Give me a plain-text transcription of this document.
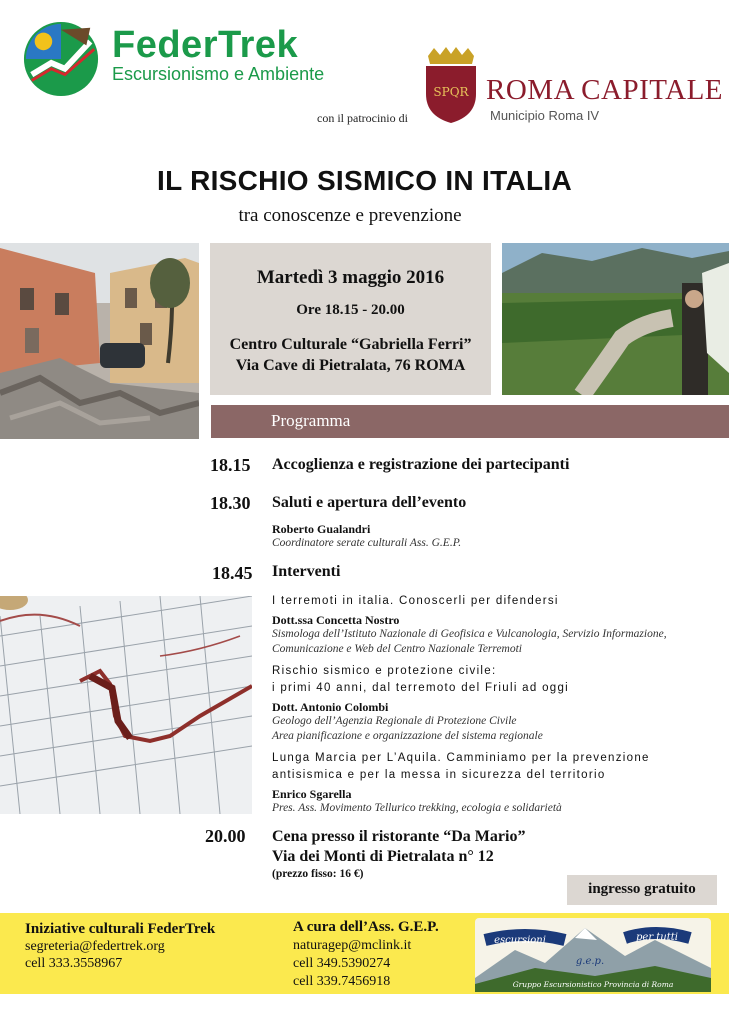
FederTrek
Escursionismo e Ambiente
con il patrocinio di
SPQR ROMA CAPITALE
Municipio Roma IV
IL RISCHIO SISMICO IN ITALIA
tra conoscenze e prevenzione
Martedì 3 maggio 2016
Ore 18.15 - 20.00
Centro Culturale “Gabriella Ferri”
Via Cave di Pietralata, 76 ROMA
Programma
18.15 Accoglienza e registrazione dei partecipanti
18.30 Saluti e apertura dell’evento
Roberto Gualandri
Coordinatore serate culturali Ass. G.E.P.
18.45 Interventi
I terremoti in italia. Conoscerli per difendersi
Dott.ssa Concetta Nostro
Sismologa dell’Istituto Nazionale di Geofisica e Vulcanologia, Servizio Informazione,
Comunicazione e Web del Centro Nazionale Terremoti
Rischio sismico e protezione civile:
i primi 40 anni, dal terremoto del Friuli ad oggi
Dott. Antonio Colombi
Geologo dell’Agenzia Regionale di Protezione Civile
Area pianificazione e organizzazione del sistema regionale
Lunga Marcia per L’Aquila. Camminiamo per la prevenzione
antisismica e per la messa in sicurezza del territorio
Enrico Sgarella
Pres. Ass. Movimento Tellurico trekking, ecologia e solidarietà
20.00 Cena presso il ristorante “Da Mario”
Via dei Monti di Pietralata n° 12
(prezzo fisso: 16 €)
ingresso gratuito
Iniziative culturali FederTrek
segreteria@federtrek.org
cell 333.3558967
A cura dell’Ass. G.E.P.
naturagep@mclink.it
cell 349.5390274
cell 339.7456918
escursioni
g.e.p.
per tutti
Gruppo Escursionistico Provincia di Roma
